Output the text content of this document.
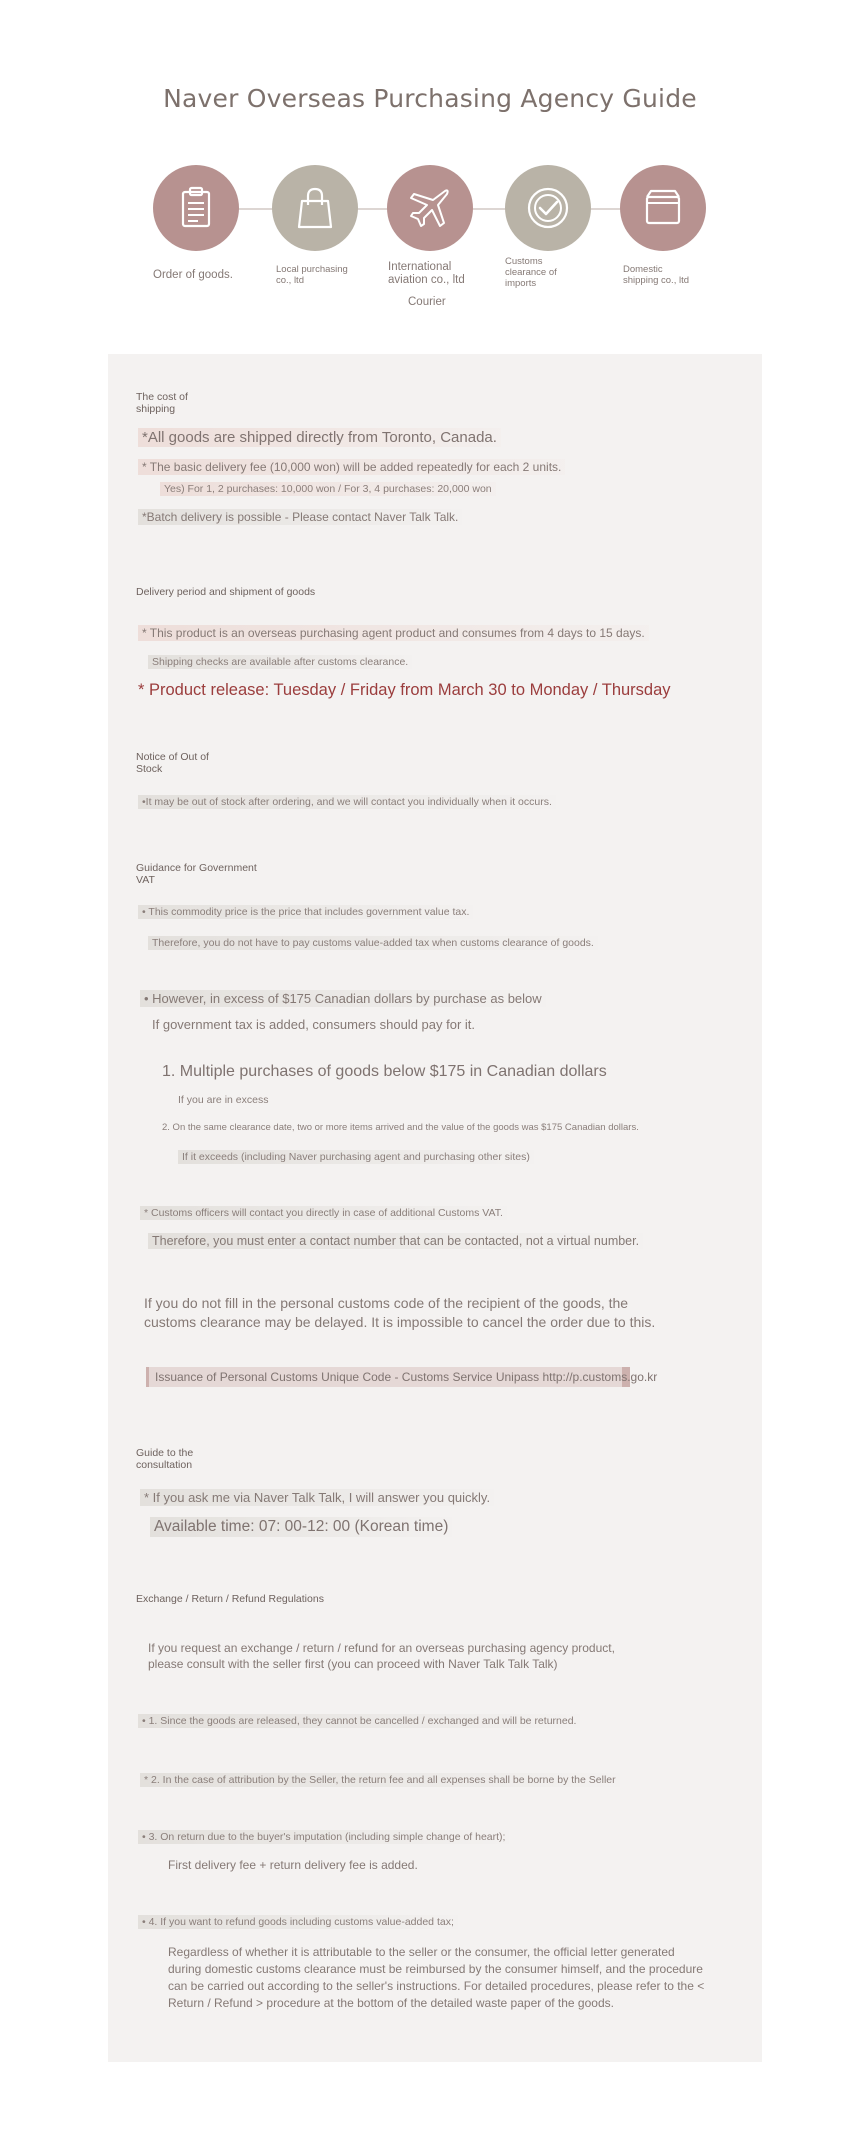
Naver Overseas Purchasing Agency Guide
Order of goods.	Local purchasing co., ltd
International aviation co., ltd
Courier
Customs clearance of imports
Domestic shipping co., ltd
The cost of shipping
*All goods are shipped directly from Toronto, Canada.
* The basic delivery fee (10,000 won) will be added repeatedly for each 2 units.
Yes) For 1, 2 purchases: 10,000 won / For 3, 4 purchases: 20,000 won
*Batch delivery is possible - Please contact Naver Talk Talk.
Delivery period and shipment of goods
* This product is an overseas purchasing agent product and consumes from 4 days to 15 days.
Shipping checks are available after customs clearance.
* Product release: Tuesday / Friday from March 30 to Monday / Thursday
Notice of Out of Stock
•It may be out of stock after ordering, and we will contact you individually when it occurs.
Guidance for Government VAT
• This commodity price is the price that includes government value tax.
Therefore, you do not have to pay customs value-added tax when customs clearance of goods.
• However, in excess of $175 Canadian dollars by purchase as below
If government tax is added, consumers should pay for it.
1. Multiple purchases of goods below $175 in Canadian dollars
If you are in excess
2. On the same clearance date, two or more items arrived and the value of the goods was $175 Canadian dollars.
If it exceeds (including Naver purchasing agent and purchasing other sites)
* Customs officers will contact you directly in case of additional Customs VAT.
Therefore, you must enter a contact number that can be contacted, not a virtual number.
If you do not fill in the personal customs code of the recipient of the goods, the customs clearance may be delayed. It is impossible to cancel the order due to this.
Issuance of Personal Customs Unique Code - Customs Service Unipass http://p.customs.go.kr
Guide to the consultation
* If you ask me via Naver Talk Talk, I will answer you quickly.
Available time: 07: 00-12: 00 (Korean time)
Exchange / Return / Refund Regulations
If you request an exchange / return / refund for an overseas purchasing agency product, please consult with the seller first (you can proceed with Naver Talk Talk Talk)
• 1. Since the goods are released, they cannot be cancelled / exchanged and will be returned.
* 2. In the case of attribution by the Seller, the return fee and all expenses shall be borne by the Seller
• 3. On return due to the buyer's imputation (including simple change of heart);
First delivery fee + return delivery fee is added.
• 4. If you want to refund goods including customs value-added tax;
Regardless of whether it is attributable to the seller or the consumer, the official letter generated during domestic customs clearance must be reimbursed by the consumer himself, and the procedure can be carried out according to the seller's instructions. For detailed procedures, please refer to the < Return / Refund > procedure at the bottom of the detailed waste paper of the goods.
